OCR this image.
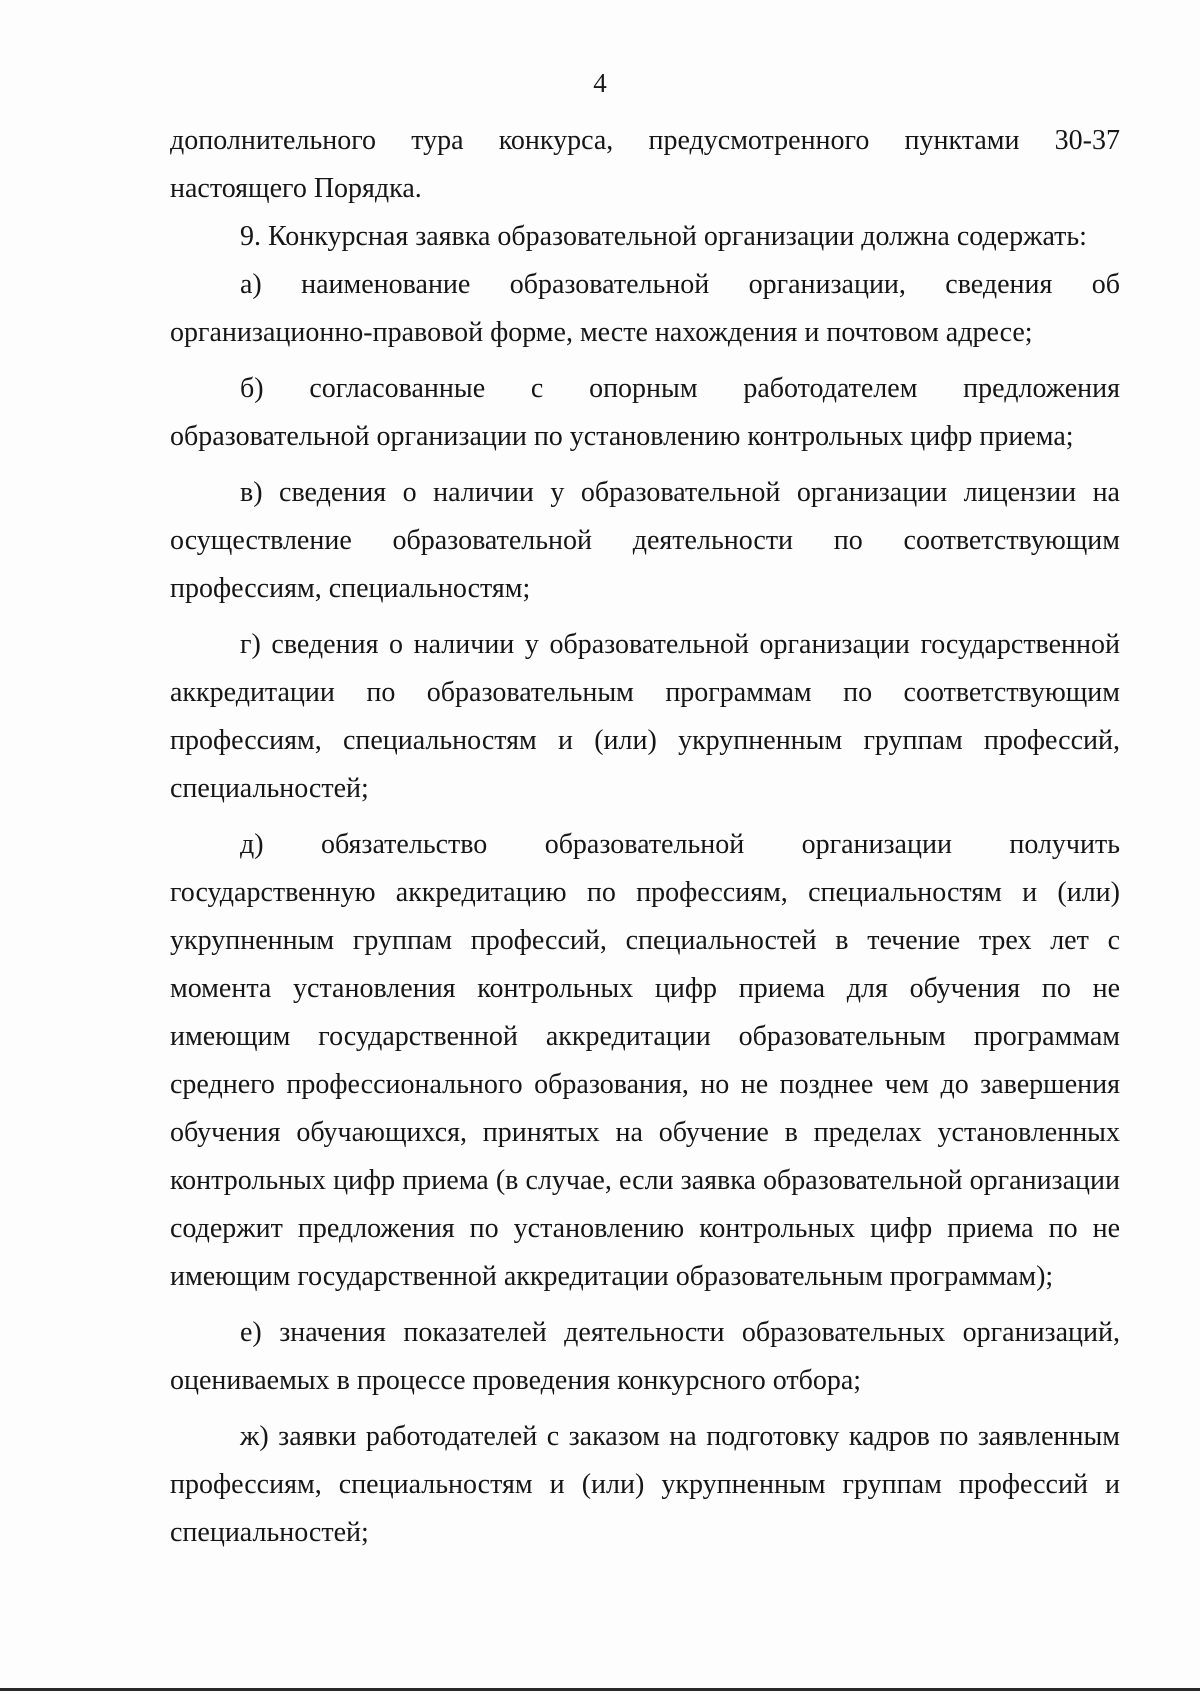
4

дополнительного тура конкурса, предусмотренного пунктами 30-37 настоящего Порядка.

9. Конкурсная заявка образовательной организации должна содержать:

а) наименование образовательной организации, сведения об организационно-правовой форме, месте нахождения и почтовом адресе;

б) согласованные с опорным работодателем предложения образовательной организации по установлению контрольных цифр приема;

в) сведения о наличии у образовательной организации лицензии на осуществление образовательной деятельности по соответствующим профессиям, специальностям;

г) сведения о наличии у образовательной организации государственной аккредитации по образовательным программам по соответствующим профессиям, специальностям и (или) укрупненным группам профессий, специальностей;

д) обязательство образовательной организации получить государственную аккредитацию по профессиям, специальностям и (или) укрупненным группам профессий, специальностей в течение трех лет с момента установления контрольных цифр приема для обучения по не имеющим государственной аккредитации образовательным программам среднего профессионального образования, но не позднее чем до завершения обучения обучающихся, принятых на обучение в пределах установленных контрольных цифр приема (в случае, если заявка образовательной организации содержит предложения по установлению контрольных цифр приема по не имеющим государственной аккредитации образовательным программам);

е) значения показателей деятельности образовательных организаций, оцениваемых в процессе проведения конкурсного отбора;

ж) заявки работодателей с заказом на подготовку кадров по заявленным профессиям, специальностям и (или) укрупненным группам профессий и специальностей;
